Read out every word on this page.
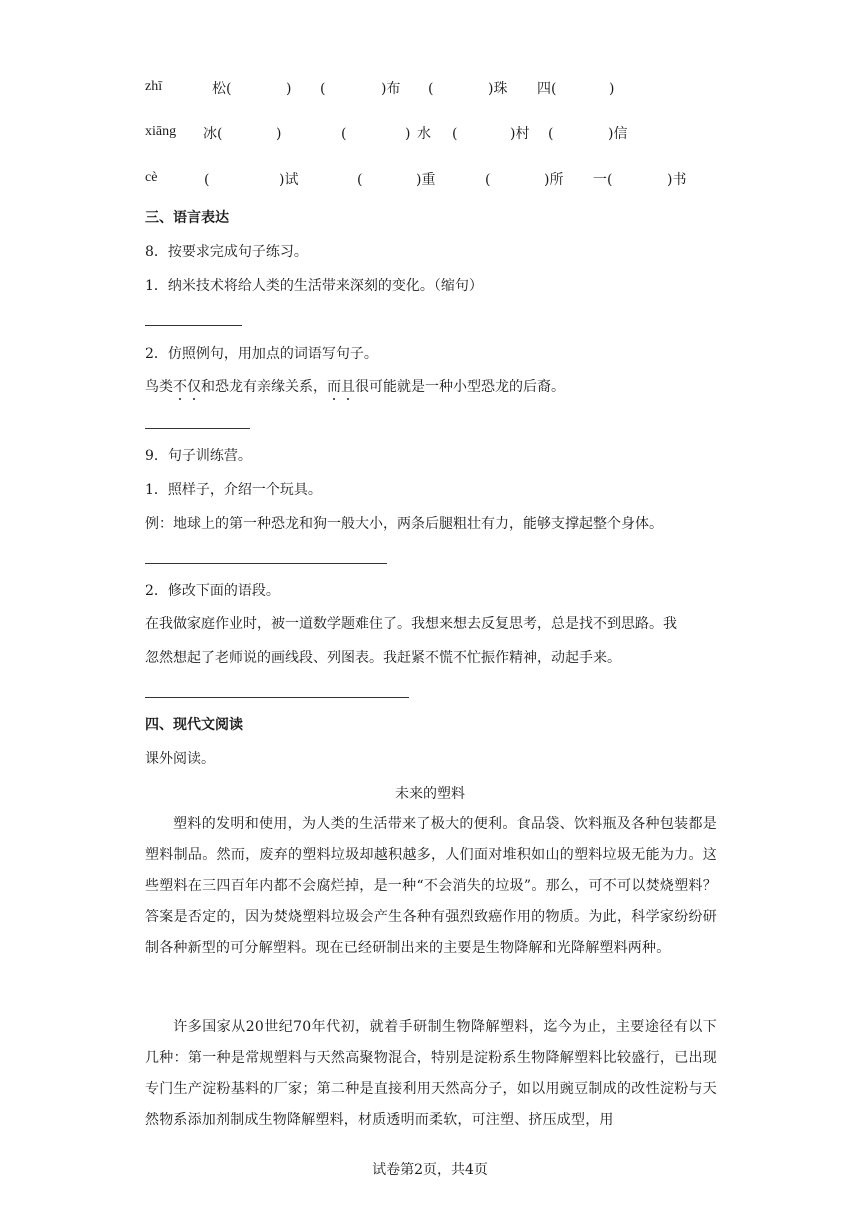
zhī	松(	) (	)布 (	)珠 四(	)
xiāng 冰(	)	(	) 水 (	)村 (	)信
cè	(	)试	(	)重	(	)所 一(	)书
三、语言表达
8．按要求完成句子练习。
1．纳米技术将给人类的生活带来深刻的变化。（缩句）
2．仿照例句，用加点的词语写句子。
鸟类不仅和恐龙有亲缘关系，而且很可能就是一种小型恐龙的后裔。
9．句子训练营。
1．照样子，介绍一个玩具。
例：地球上的第一种恐龙和狗一般大小，两条后腿粗壮有力，能够支撑起整个身体。
2．修改下面的语段。
在我做家庭作业时，被一道数学题难住了。我想来想去反复思考，总是找不到思路。我
忽然想起了老师说的画线段、列图表。我赶紧不慌不忙振作精神，动起手来。
四、现代文阅读
课外阅读。
未来的塑料
塑料的发明和使用，为人类的生活带来了极大的便利。食品袋、饮料瓶及各种包装都是塑料制品。然而，废弃的塑料垃圾却越积越多，人们面对堆积如山的塑料垃圾无能为力。这些塑料在三四百年内都不会腐烂掉，是一种“不会消失的垃圾”。那么，可不可以焚烧塑料？答案是否定的，因为焚烧塑料垃圾会产生各种有强烈致癌作用的物质。为此，科学家纷纷研制各种新型的可分解塑料。现在已经研制出来的主要是生物降解和光降解塑料两种。
许多国家从20世纪70年代初，就着手研制生物降解塑料，迄今为止，主要途径有以下几种：第一种是常规塑料与天然高聚物混合，特别是淀粉系生物降解塑料比较盛行，已出现专门生产淀粉基料的厂家；第二种是直接利用天然高分子，如以用豌豆制成的改性淀粉与天然物系添加剂制成生物降解塑料，材质透明而柔软，可注塑、挤压成型，用
试卷第2页，共4页
